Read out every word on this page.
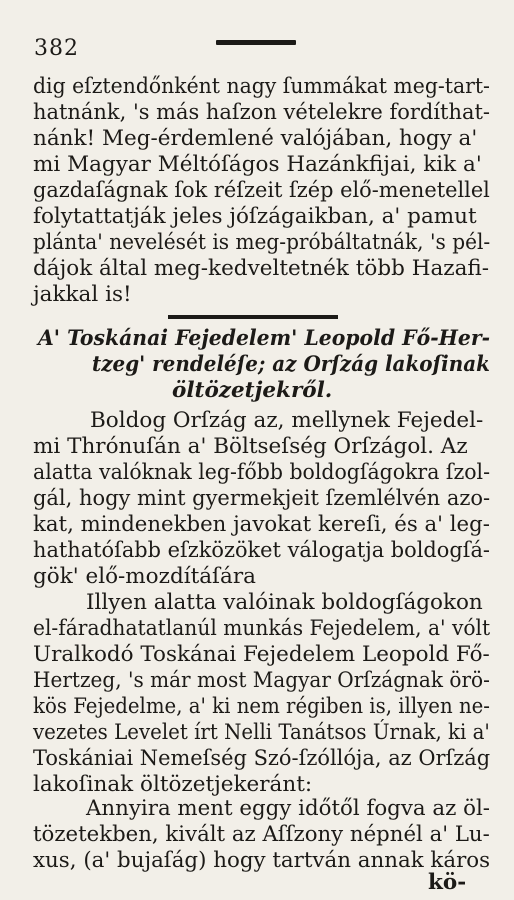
382
dig eſztendőnként nagy ſummákat meg-tart-
hatnánk, 's más haſzon vételekre fordíthat-
nánk! Meg-érdemlené valójában, hogy a'
mi Magyar Méltóſágos Hazánkfijai, kik a'
gazdaſágnak ſok réſzeit ſzép elő-menetellel
folytattatják jeles jóſzágaikban, a' pamut
plánta' nevelését is meg-próbáltatnák, 's pél-
dájok által meg-kedveltetnék több Hazafi-
jakkal is!
A' Toskánai Fejedelem' Leopold Fő-Her-
tzeg' rendeléſe; az Orſzág lakoſinak
öltözetjekről.
Boldog Orſzág az, mellynek Fejedel-
mi Thrónuſán a' Böltseſség Orſzágol. Az
alatta valóknak leg-főbb boldogſágokra ſzol-
gál, hogy mint gyermekjeit ſzemlélvén azo-
kat, mindenekben javokat kereſi, és a' leg-
hathatóſabb eſzközöket válogatja boldogſá-
gök' elő-mozdítáſára
Illyen alatta valóinak boldogſágokon
el-fáradhatatlanúl munkás Fejedelem, a' vólt
Uralkodó Toskánai Fejedelem Leopold Fő-
Hertzeg, 's már most Magyar Orſzágnak örö-
kös Fejedelme, a' ki nem régiben is, illyen ne-
vezetes Levelet írt Nelli Tanátsos Úrnak, ki a'
Toskániai Nemeſség Szó-ſzóllója, az Orſzág
lakoſinak öltözetjekeránt:
Annyira ment eggy időtől fogva az öl-
tözetekben, kivált az Aſſzony népnél a' Lu-
xus, (a' bujaſág) hogy tartván annak káros
kö-
